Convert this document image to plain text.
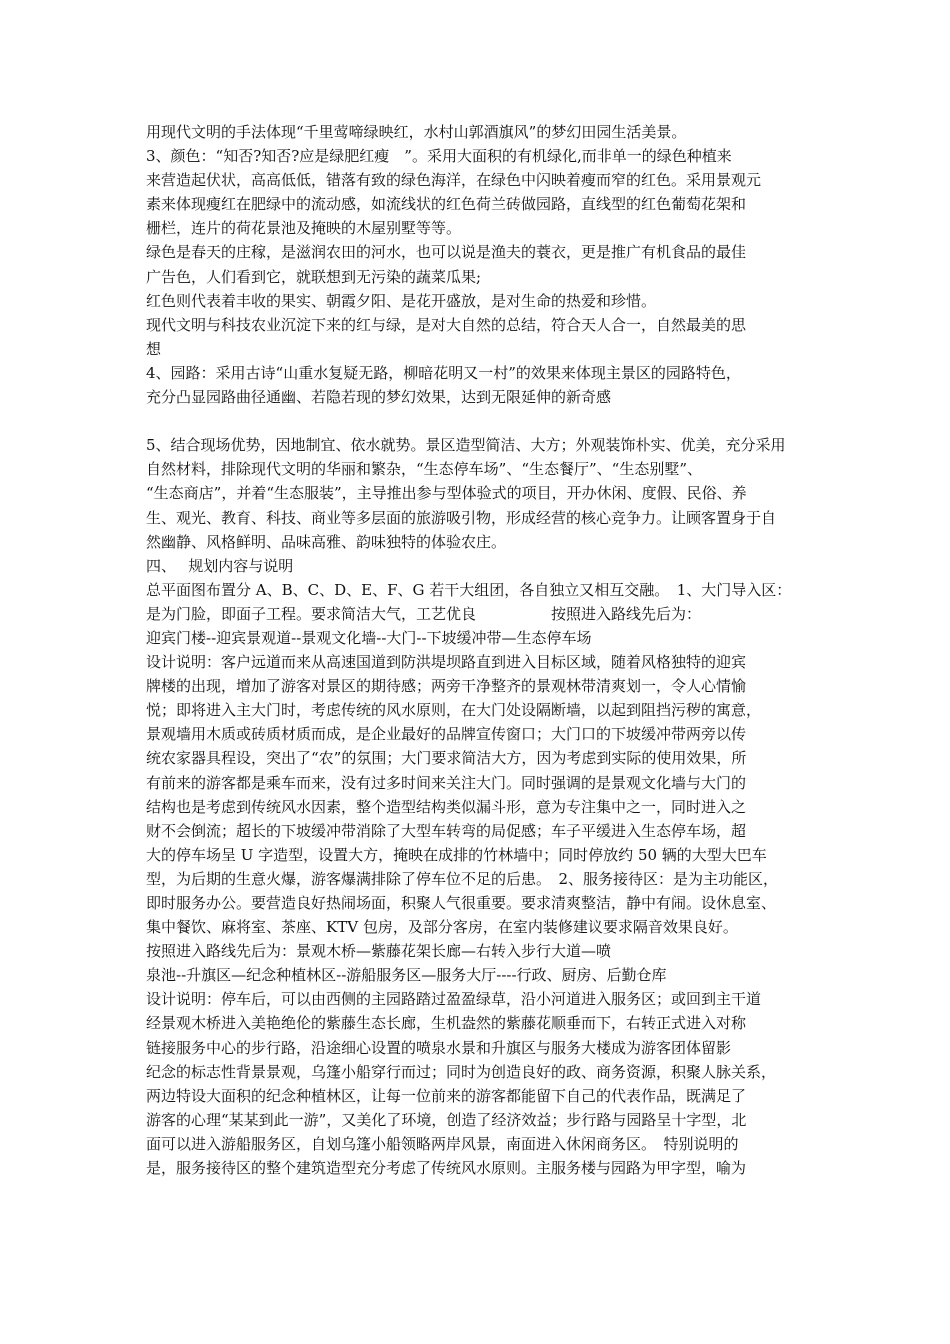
用现代文明的手法体现“千里莺啼绿映红，水村山郭酒旗风”的梦幻田园生活美景。
3、颜色：“知否?知否?应是绿肥红瘦　”。采用大面积的有机绿化,而非单一的绿色种植来
来营造起伏状，高高低低，错落有致的绿色海洋，在绿色中闪映着瘦而窄的红色。采用景观元
素来体现瘦红在肥绿中的流动感，如流线状的红色荷兰砖做园路，直线型的红色葡萄花架和
栅栏，连片的荷花景池及掩映的木屋别墅等等。
绿色是春天的庄稼，是滋润农田的河水，也可以说是渔夫的蓑衣，更是推广有机食品的最佳
广告色，人们看到它，就联想到无污染的蔬菜瓜果;
红色则代表着丰收的果实、朝霞夕阳、是花开盛放，是对生命的热爱和珍惜。
现代文明与科技农业沉淀下来的红与绿，是对大自然的总结，符合天人合一，自然最美的思
想
4、园路：采用古诗“山重水复疑无路，柳暗花明又一村”的效果来体现主景区的园路特色，
充分凸显园路曲径通幽、若隐若现的梦幻效果，达到无限延伸的新奇感
5、结合现场优势，因地制宜、依水就势。景区造型简洁、大方；外观装饰朴实、优美，充分采用
自然材料，排除现代文明的华丽和繁杂，“生态停车场”、“生态餐厅”、“生态别墅”、
“生态商店”，并着“生态服装”，主导推出参与型体验式的项目，开办休闲、度假、民俗、养
生、观光、教育、科技、商业等多层面的旅游吸引物，形成经营的核心竞争力。让顾客置身于自
然幽静、风格鲜明、品味高雅、韵味独特的体验农庄。
四、　 规划内容与说明
总平面图布置分 A、B、C、D、E、F、G 若干大组团，各自独立又相互交融。　1、大门导入区：
是为门脸，即面子工程。要求简洁大气，工艺优良　　　　　按照进入路线先后为：
迎宾门楼--迎宾景观道--景观文化墙--大门--下坡缓冲带—生态停车场
设计说明：客户远道而来从高速国道到防洪堤坝路直到进入目标区域，随着风格独特的迎宾
牌楼的出现，增加了游客对景区的期待感；两旁干净整齐的景观林带清爽划一，令人心情愉
悦；即将进入主大门时，考虑传统的风水原则，在大门处设隔断墙，以起到阻挡污秽的寓意，
景观墙用木质或砖质材质而成，是企业最好的品牌宣传窗口；大门口的下坡缓冲带两旁以传
统农家器具程设，突出了“农”的氛围；大门要求简洁大方，因为考虑到实际的使用效果，所
有前来的游客都是乘车而来，没有过多时间来关注大门。同时强调的是景观文化墙与大门的
结构也是考虑到传统风水因素，整个造型结构类似漏斗形，意为专注集中之一，同时进入之
财不会倒流；超长的下坡缓冲带消除了大型车转弯的局促感；车子平缓进入生态停车场，超
大的停车场呈 U 字造型，设置大方，掩映在成排的竹林墙中；同时停放约 50 辆的大型大巴车
型，为后期的生意火爆，游客爆满排除了停车位不足的后患。　2、服务接待区：是为主功能区，
即时服务办公。要营造良好热闹场面，积聚人气很重要。要求清爽整洁，静中有闹。设休息室、
集中餐饮、麻将室、茶座、KTV 包房，及部分客房，在室内装修建议要求隔音效果良好。
按照进入路线先后为：景观木桥—紫藤花架长廊—右转入步行大道—喷
泉池--升旗区—纪念种植林区--游船服务区—服务大厅----行政、厨房、后勤仓库
设计说明：停车后，可以由西侧的主园路踏过盈盈绿草，沿小河道进入服务区；或回到主干道
经景观木桥进入美艳绝伦的紫藤生态长廊，生机盎然的紫藤花顺垂而下，右转正式进入对称
链接服务中心的步行路，沿途细心设置的喷泉水景和升旗区与服务大楼成为游客团体留影
纪念的标志性背景景观，乌篷小船穿行而过；同时为创造良好的政、商务资源，积聚人脉关系，
两边特设大面积的纪念种植林区，让每一位前来的游客都能留下自己的代表作品，既满足了
游客的心理“某某到此一游”，又美化了环境，创造了经济效益；步行路与园路呈十字型，北
面可以进入游船服务区，自划乌篷小船领略两岸风景，南面进入休闲商务区。　特别说明的
是，服务接待区的整个建筑造型充分考虑了传统风水原则。主服务楼与园路为甲字型，喻为
